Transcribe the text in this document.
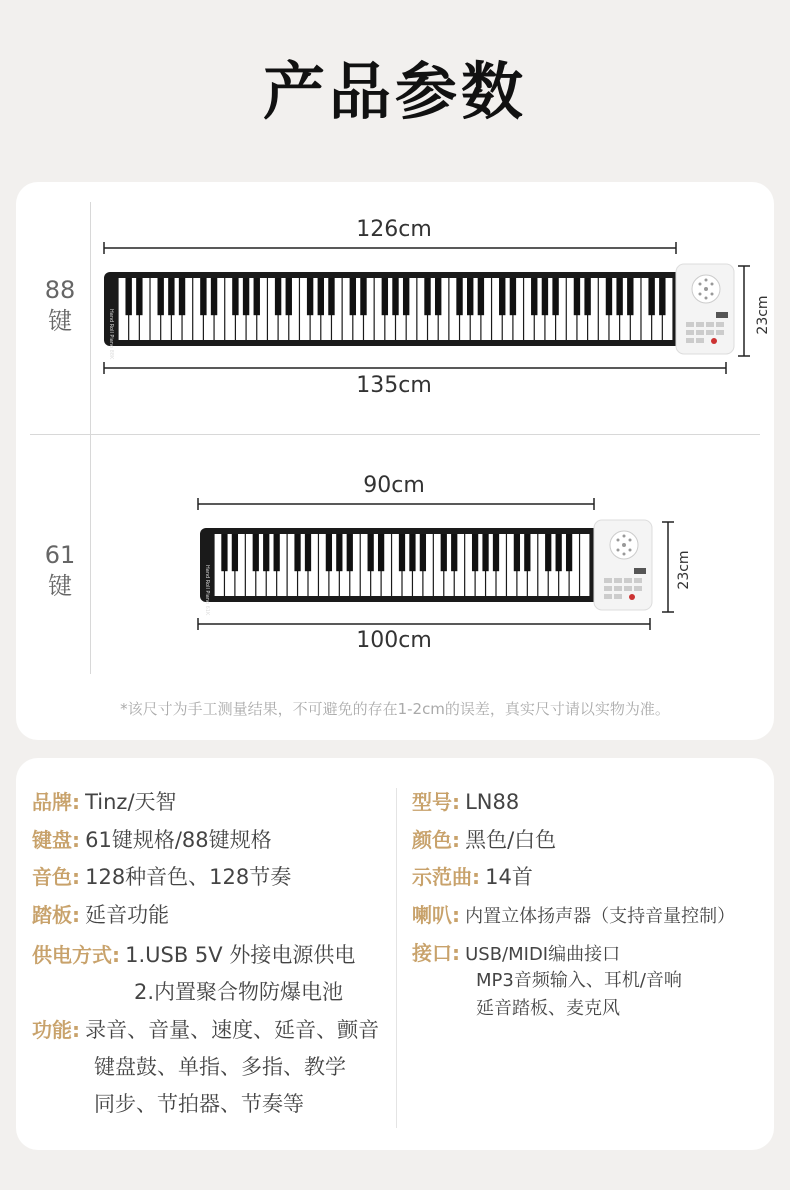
产品参数
88
键
126cm
135cm
23cm
Hand Roll Piano 88K
61
键
90cm
100cm
23cm
Hand Roll Piano 61K
*该尺寸为手工测量结果，不可避免的存在1-2cm的误差，真实尺寸请以实物为准。
品牌: Tinz/天智
键盘: 61键规格/88键规格
音色: 128种音色、128节奏
踏板: 延音功能
供电方式: 1.USB 5V 外接电源供电
2.内置聚合物防爆电池
功能: 录音、音量、速度、延音、颤音
键盘鼓、单指、多指、教学
同步、节拍器、节奏等
型号: LN88
颜色: 黑色/白色
示范曲: 14首
喇叭: 内置立体扬声器（支持音量控制）
接口: USB/MIDI编曲接口
MP3音频输入、耳机/音响
延音踏板、麦克风
